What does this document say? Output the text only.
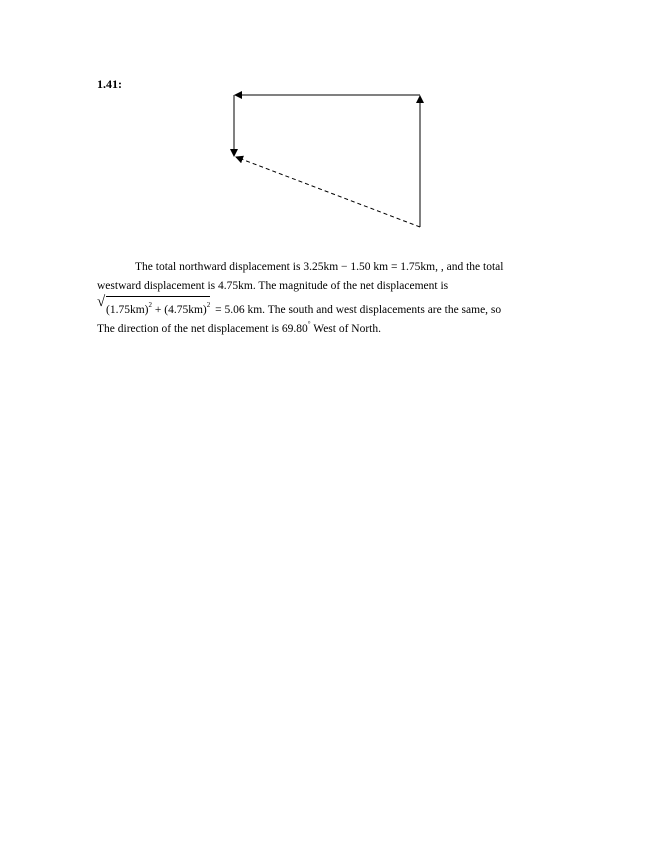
1.41:
The total northward displacement is 3.25km − 1.50 km = 1.75km, , and the total
westward displacement is 4.75km. The magnitude of the net displacement is
√ $(1.75km)^2 + (4.75km)^2 = 5.06$ km. The south and west displacements are the same, so
The direction of the net displacement is 69.80° West of North.
